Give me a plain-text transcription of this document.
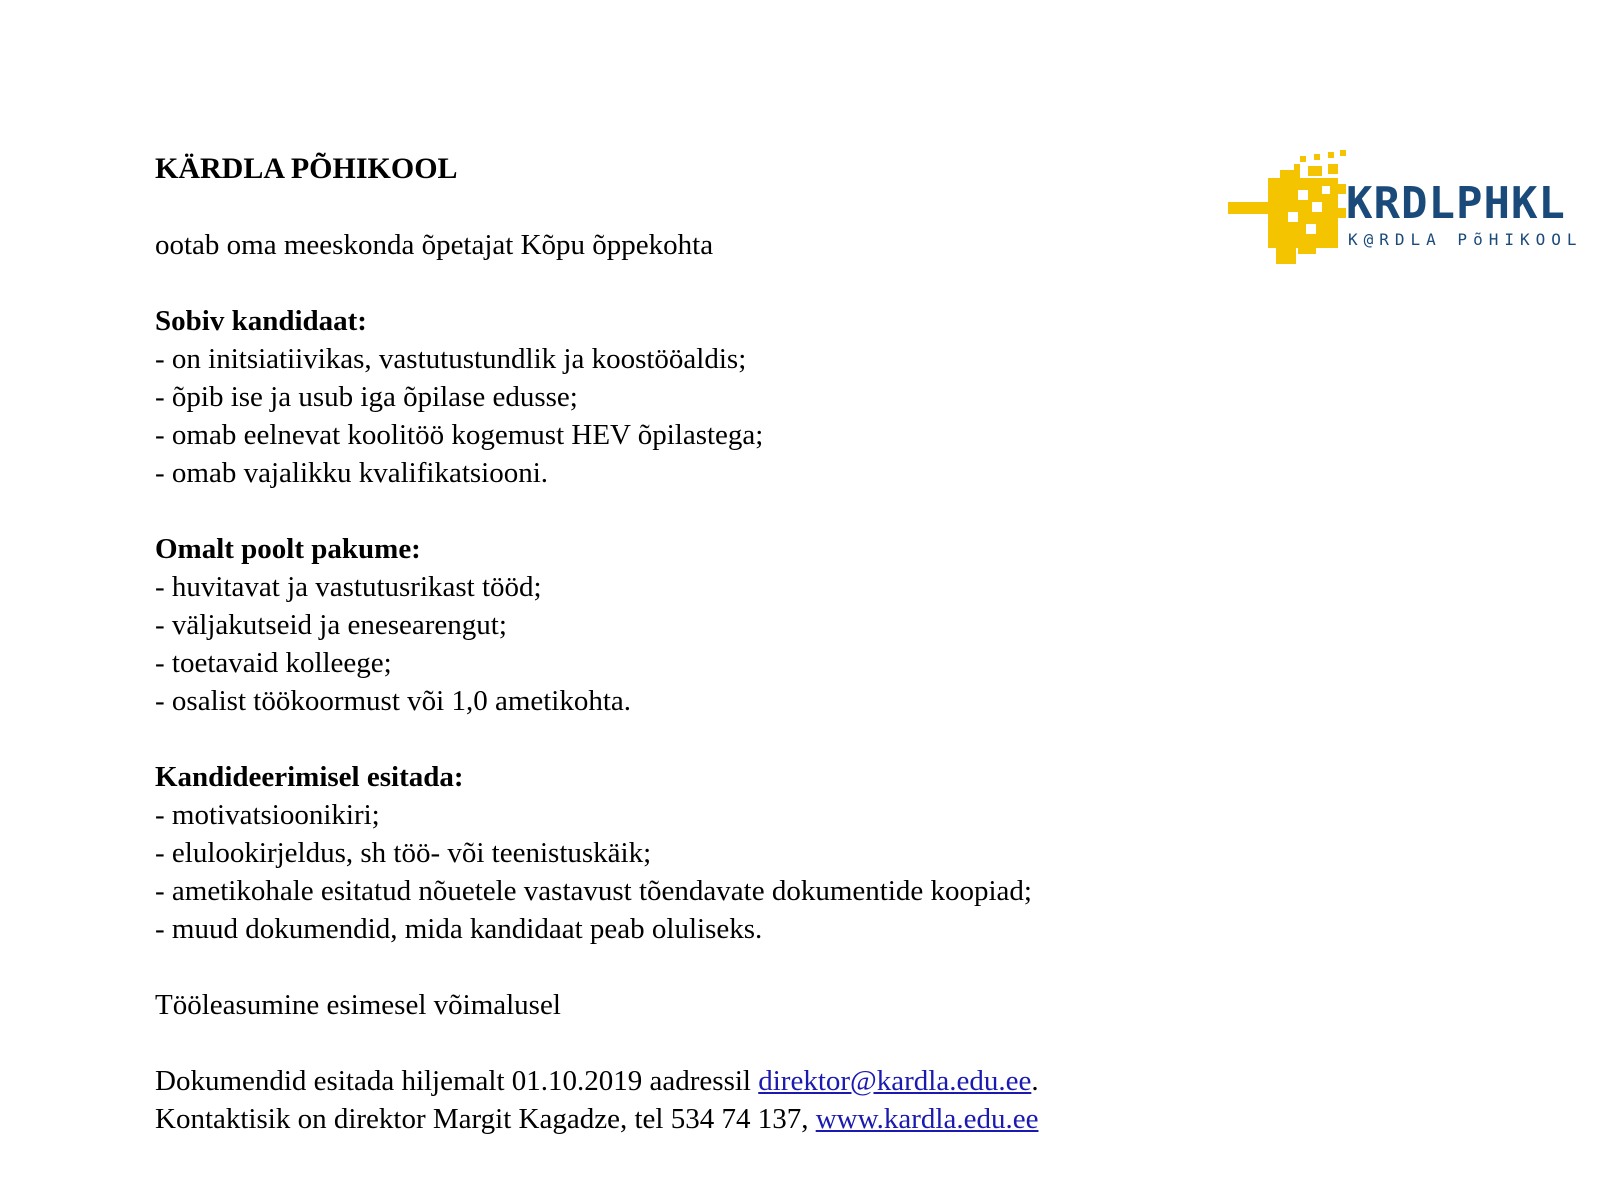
KÄRDLA PÕHIKOOL
ootab oma meeskonda õpetajat Kõpu õppekohta
Sobiv kandidaat:
- on initsiatiivikas, vastutustundlik ja koostööaldis;
- õpib ise ja usub iga õpilase edusse;
- omab eelnevat koolitöö kogemust HEV õpilastega;
- omab vajalikku kvalifikatsiooni.
Omalt poolt pakume:
- huvitavat ja vastutusrikast tööd;
- väljakutseid ja enesearengut;
- toetavaid kolleege;
- osalist töökoormust või 1,0 ametikohta.
Kandideerimisel esitada:
- motivatsioonikiri;
- elulookirjeldus, sh töö- või teenistuskäik;
- ametikohale esitatud nõuetele vastavust tõendavate dokumentide koopiad;
- muud dokumendid, mida kandidaat peab oluliseks.
Tööleasumine esimesel võimalusel
Dokumendid esitada hiljemalt 01.10.2019 aadressil direktor@kardla.edu.ee.
Kontaktisik on direktor Margit Kagadze, tel 534 74 137, www.kardla.edu.ee
KRDLPHKL
K@RDLA PõHIKOOL
